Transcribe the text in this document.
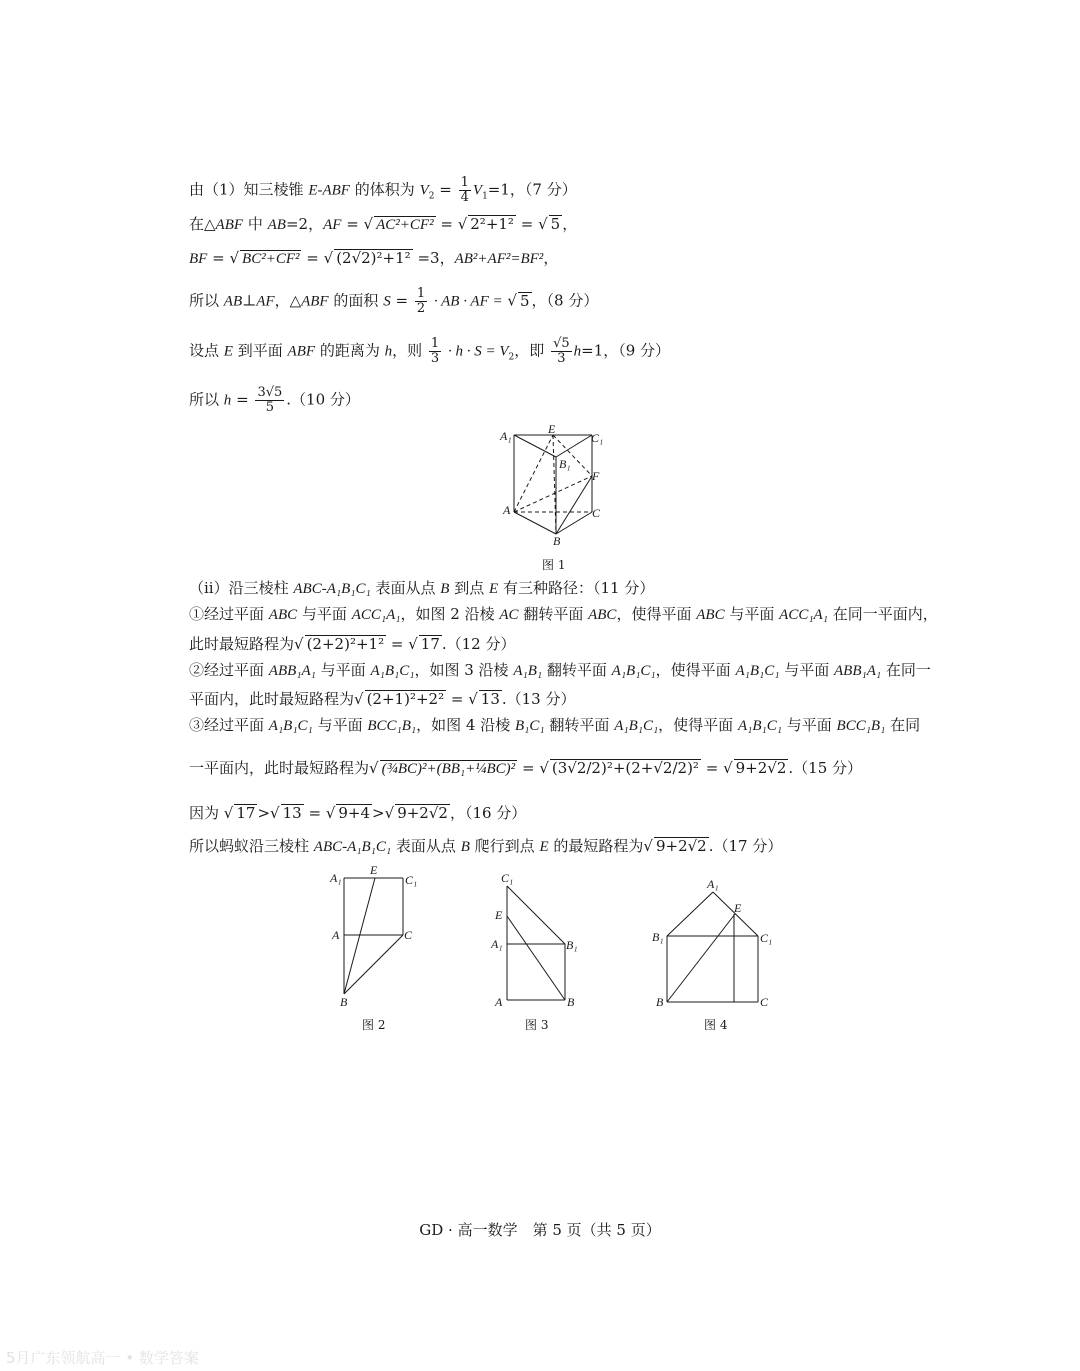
由（1）知三棱锥 E-ABF 的体积为 $V_2 = \frac{1}{4} V_1=1$，（7 分）
在△ABF 中 AB=2，AF = √ AC²+CF² = √ 2²+1² = √ 5 ，
BF = √ BC²+CF² = √ (2√2)²+1² =3，AB²+AF²=BF²，
所以 AB⊥AF，△ABF 的面积 $S = \frac{1}{2}$ · AB · AF = √ 5 ，（8 分）
设点 E 到平面 ABF 的距离为 h，则 $\frac{1}{3} \cdot h \cdot S = V_2$，即 $\frac{√5}{3} h=1$，（9 分）
所以 $h = \frac{3√5}{5} .(10$ 分）
A₁	E
C₁
B₁
F
A	C
B
图 1
（ii）沿三棱柱 ABC-A₁B₁C₁ 表面从点 B 到点 E 有三种路径：（11 分）
①经过平面 ABC 与平面 ACC₁A₁，如图 2 沿棱 AC 翻转平面 ABC，使得平面 ABC 与平面 ACC₁A₁ 在同一平面内，
此时最短路程为√ (2+2)²+1² = √ 17 .（12 分）
②经过平面 ABB₁A₁ 与平面 A₁B₁C₁，如图 3 沿棱 A₁B₁ 翻转平面 A₁B₁C₁，使得平面 A₁B₁C₁ 与平面 ABB₁A₁ 在同一
平面内，此时最短路程为√ (2+1)²+2² = √ 13 .（13 分）
③经过平面 A₁B₁C₁ 与平面 BCC₁B₁，如图 4 沿棱 B₁C₁ 翻转平面 A₁B₁C₁，使得平面 A₁B₁C₁ 与平面 BCC₁B₁ 在同
一平面内，此时最短路程为√ (¾BC)²+(BB₁+¼BC)² = √ (3√2/2)²+(2+√2/2)² = √ 9+2√2 .（15 分）
因为 √ 17 >√ 13 = √ 9+4 >√ 9+2√2 ，（16 分）
所以蚂蚁沿三棱柱 ABC-A₁B₁C₁ 表面从点 B 爬行到点 E 的最短路程为√ 9+2√2 .（17 分）
A₁
E
C₁
A	C
B
图 2
C₁
E
A₁	B₁
A	B
图 3
A₁
E
B₁	C₁
B	C
图 4
GD · 高一数学　第 5 页（共 5 页）
5月广东领航高一 • 数学答案
